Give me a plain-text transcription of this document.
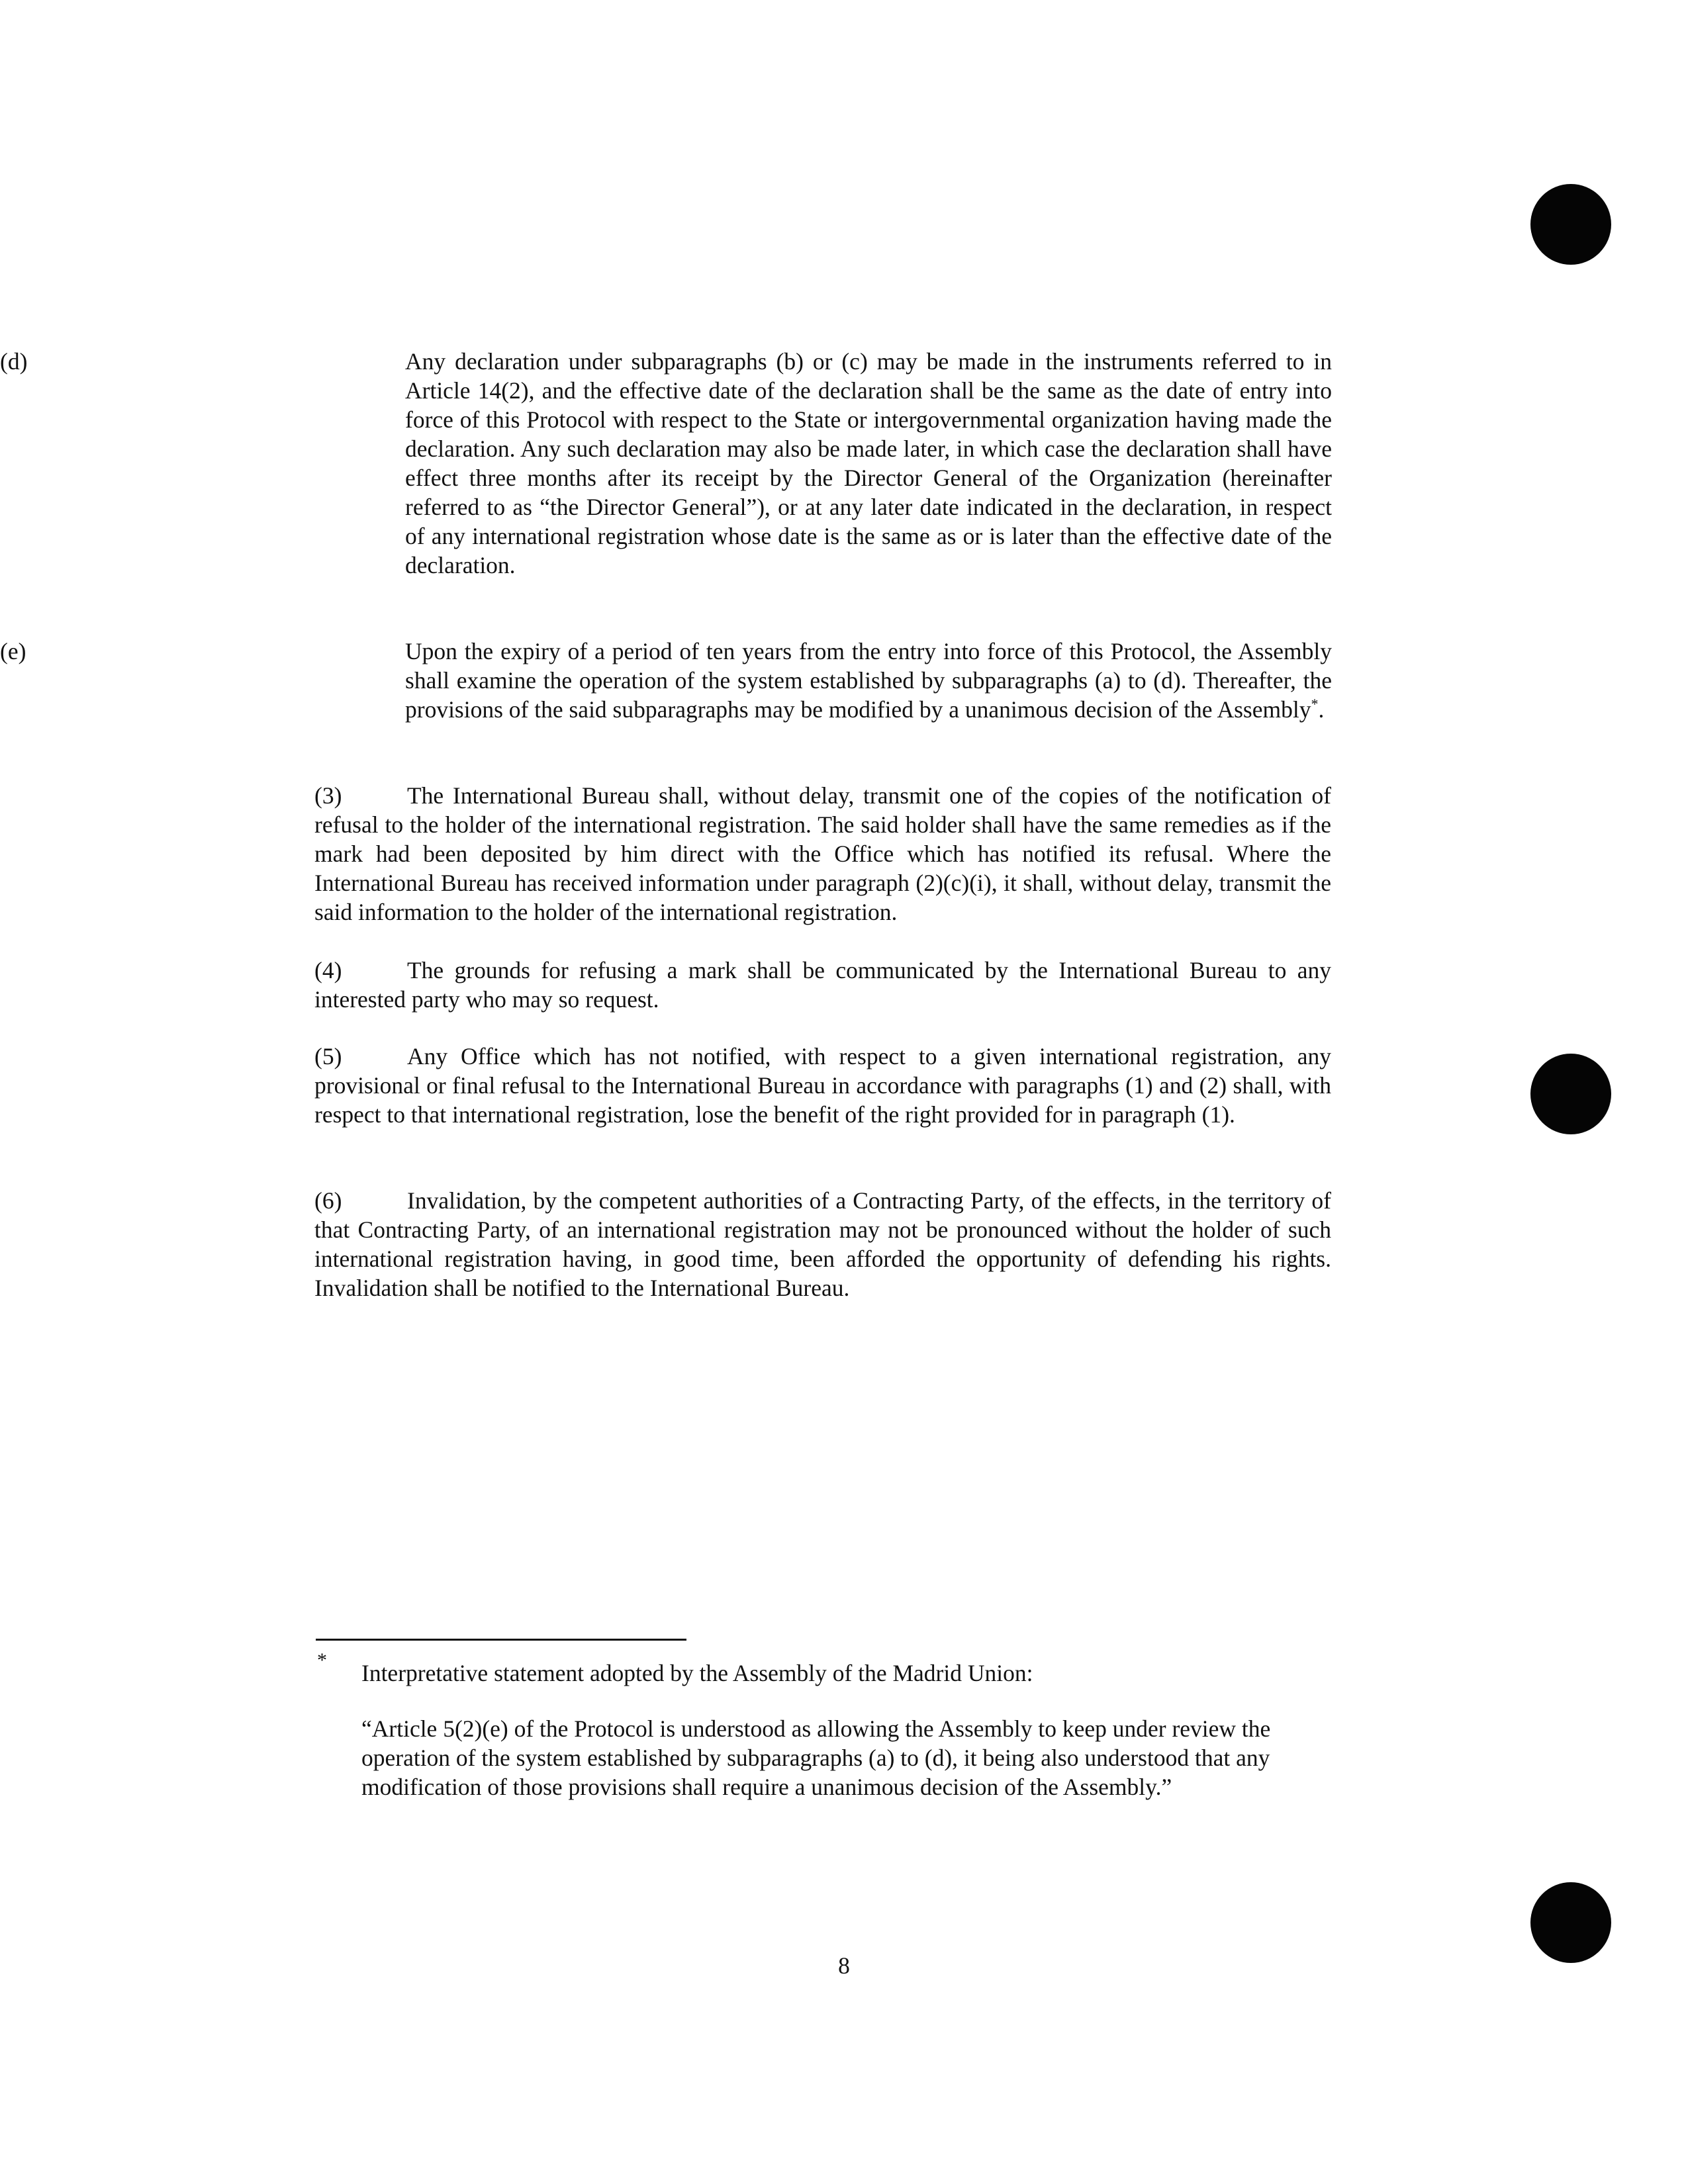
(d)	Any declaration under subparagraphs (b) or (c) may be made in the instruments referred to in Article 14(2), and the effective date of the declaration shall be the same as the date of entry into force of this Protocol with respect to the State or intergovernmental organization having made the declaration. Any such declaration may also be made later, in which case the declaration shall have effect three months after its receipt by the Director General of the Organization (hereinafter referred to as “the Director General”), or at any later date indicated in the declaration, in respect of any international registration whose date is the same as or is later than the effective date of the declaration.
(e)	Upon the expiry of a period of ten years from the entry into force of this Protocol, the Assembly shall examine the operation of the system established by subparagraphs (a) to (d). Thereafter, the provisions of the said subparagraphs may be modified by a unanimous decision of the Assembly*.
(3)	The International Bureau shall, without delay, transmit one of the copies of the notification of refusal to the holder of the international registration. The said holder shall have the same remedies as if the mark had been deposited by him direct with the Office which has notified its refusal. Where the International Bureau has received information under paragraph (2)(c)(i), it shall, without delay, transmit the said information to the holder of the international registration.
(4)	The grounds for refusing a mark shall be communicated by the International Bureau to any interested party who may so request.
(5)	Any Office which has not notified, with respect to a given international registration, any provisional or final refusal to the International Bureau in accordance with paragraphs (1) and (2) shall, with respect to that international registration, lose the benefit of the right provided for in paragraph (1).
(6)	Invalidation, by the competent authorities of a Contracting Party, of the effects, in the territory of that Contracting Party, of an international registration may not be pronounced without the holder of such international registration having, in good time, been afforded the opportunity of defending his rights. Invalidation shall be notified to the International Bureau.
* Interpretative statement adopted by the Assembly of the Madrid Union:
“Article 5(2)(e) of the Protocol is understood as allowing the Assembly to keep under review the operation of the system established by subparagraphs (a) to (d), it being also understood that any modification of those provisions shall require a unanimous decision of the Assembly.”
8
